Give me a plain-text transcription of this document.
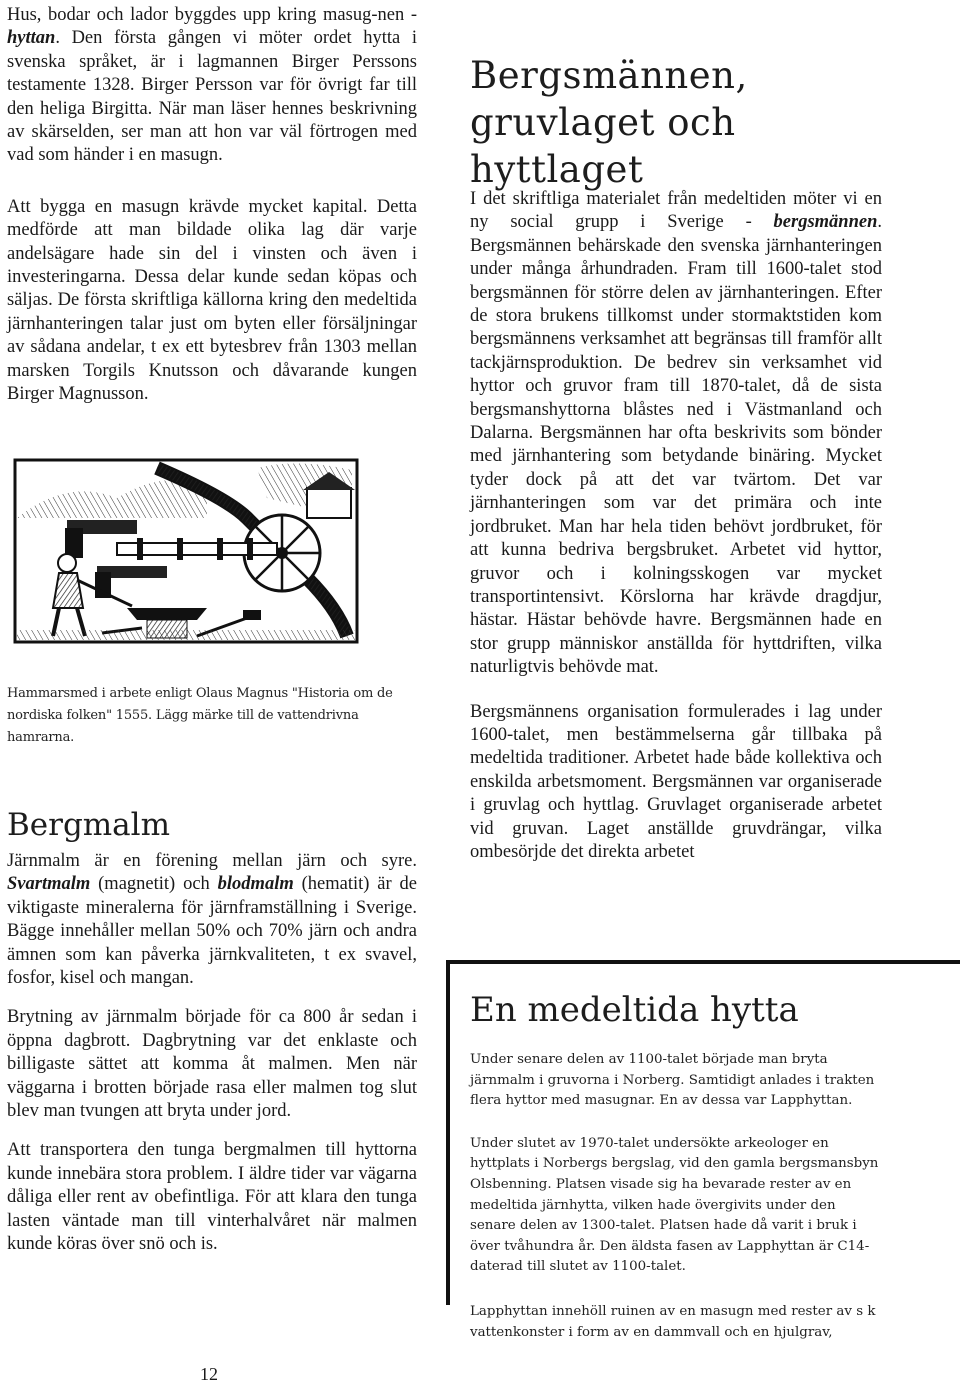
Hus, bodar och lador byggdes upp kring masug-nen - hyttan. Den första gången vi möter ordet hytta i svenska språket, är i lagmannen Birger Perssons testamente 1328. Birger Persson var för övrigt far till den heliga Birgitta. När man läser hennes beskrivning av skärselden, ser man att hon var väl förtrogen med vad som händer i en masugn.

Att bygga en masugn krävde mycket kapital. Detta medförde att man bildade olika lag där varje andelsägare hade sin del i vinsten och även i investeringarna. Dessa delar kunde sedan köpas och säljas. De första skriftliga källorna kring den medeltida järnhanteringen talar just om byten eller försäljningar av sådana andelar, t ex ett bytesbrev från 1303 mellan marsken Torgils Knutsson och dåvarande kungen Birger Magnusson.

Hammarsmed i arbete enligt Olaus Magnus "Historia om de nordiska folken" 1555. Lägg märke till de vattendrivna hamrarna.
Bergmalm

Järnmalm är en förening mellan järn och syre. Svartmalm (magnetit) och blodmalm (hematit) är de viktigaste mineralerna för järnframställning i Sverige. Bägge innehåller mellan 50% och 70% järn och andra ämnen som kan påverka järnkvaliteten, t ex svavel, fosfor, kisel och mangan.

Brytning av järnmalm började för ca 800 år sedan i öppna dagbrott. Dagbrytning var det enklaste och billigaste sättet att komma åt malmen. Men när väggarna i brotten började rasa eller malmen tog slut blev man tvungen att bryta under jord.

Att transportera den tunga bergmalmen till hyttorna kunde innebära stora problem. I äldre tider var vägarna dåliga eller rent av obefintliga. För att klara den tunga lasten väntade man till vinterhalvåret när malmen kunde köras över snö och is.

12
Bergsmännen, gruvlaget och hyttlaget

I det skriftliga materialet från medeltiden möter vi en ny social grupp i Sverige - bergsmännen. Bergsmännen behärskade den svenska järnhanteringen under många århundraden. Fram till 1600-talet stod bergsmännen för större delen av järnhanteringen. Efter de stora brukens tillkomst under stormaktstiden kom bergsmännens verksamhet att begränsas till framför allt tackjärnsproduktion. De bedrev sin verksamhet vid hyttor och gruvor fram till 1870-talet, då de sista bergsmanshyttorna blåstes ned i Västmanland och Dalarna. Bergsmännen har ofta beskrivits som bönder med järnhantering som betydande binäring. Mycket tyder dock på att det var tvärtom. Det var järnhanteringen som var det primära och inte jordbruket. Man har hela tiden behövt jordbruket, för att kunna bedriva bergsbruket. Arbetet vid hyttor, gruvor och i kolningsskogen var mycket transportintensivt. Körslorna har krävde dragdjur, hästar. Hästar behövde havre. Bergsmännen hade en stor grupp människor anställda för hyttdriften, vilka naturligtvis behövde mat.

Bergsmännens organisation formulerades i lag under 1600-talet, men bestämmelserna går tillbaka på medeltida traditioner. Arbetet hade både kollektiva och enskilda arbetsmoment. Bergsmännen var organiserade i gruvlag och hyttlag. Gruvlaget organiserade arbetet vid gruvan. Laget anställde gruvdrängar, vilka ombesörjde det direkta arbetet

En medeltida hytta

Under senare delen av 1100-talet började man bryta järnmalm i gruvorna i Norberg. Samtidigt anlades i trakten flera hyttor med masugnar. En av dessa var Lapphyttan.

Under slutet av 1970-talet undersökte arkeologer en hyttplats i Norbergs bergslag, vid den gamla bergsmansbyn Olsbenning. Platsen visade sig ha bevarade rester av en medeltida järnhytta, vilken hade övergivits under den senare delen av 1300-talet. Platsen hade då varit i bruk i över tvåhundra år. Den äldsta fasen av Lapphyttan är C14-daterad till slutet av 1100-talet.

Lapphyttan innehöll ruinen av en masugn med rester av s k vattenkonster i form av en dammvall och en hjulgrav,
